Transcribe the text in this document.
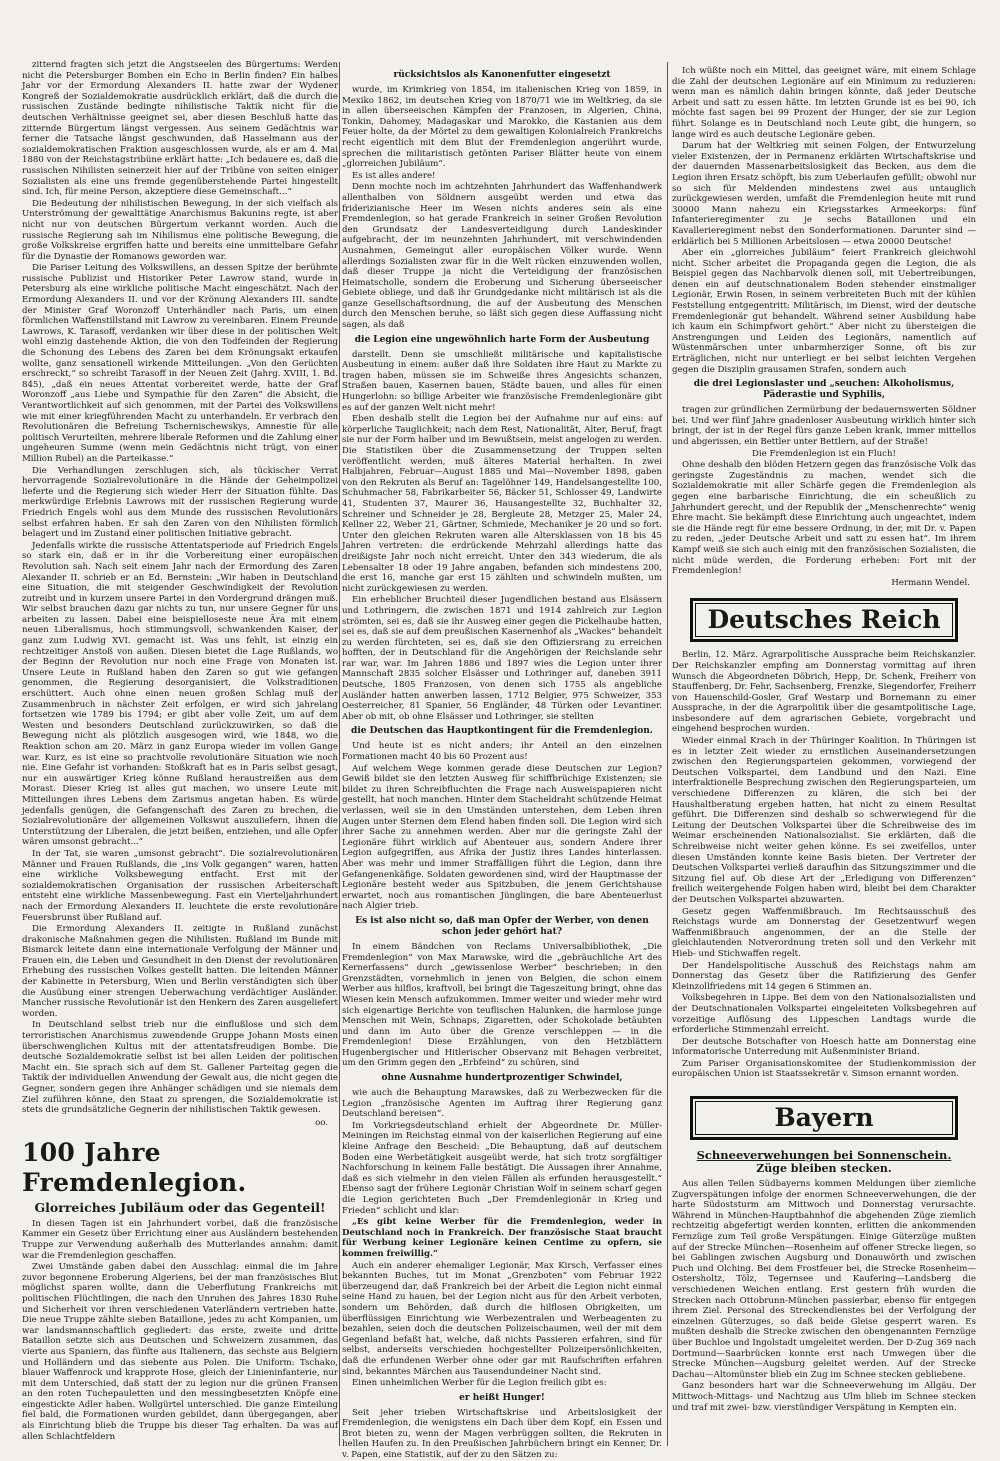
zitternd fragten sich jetzt die Angstseelen des Bürgertums: Werden nicht die Petersburger Bomben ein Echo in Berlin finden? Ein halbes Jahr vor der Ermordung Alexanders II. hatte zwar der Wydener Kongreß der Sozialdemokratie ausdrücklich erklärt, daß die durch die russischen Zustände bedingte nihilistische Taktik nicht für die deutschen Verhältnisse geeignet sei, aber diesen Beschluß hatte das zitternde Bürgertum längst vergessen. Aus seinem Gedächtnis war ferner die Tatsache längst geschwunden, daß Hasselmann aus der sozialdemokratischen Fraktion ausgeschlossen wurde, als er am 4. Mai 1880 von der Reichstagstribüne erklärt hatte: „Ich bedauere es, daß die russischen Nihilisten seinerzeit hier auf der Tribüne von seiten einiger Sozialisten als eine uns fremde gegenüberstehende Partei hingestellt sind. Ich, für meine Person, akzeptiere diese Gemeinschaft...“

Die Bedeutung der nihilistischen Bewegung, in der sich vielfach als Unterströmung der gewalttätige Anarchismus Bakunins regte, ist aber nicht nur von deutschen Bürgertum verkannt worden. Auch die russische Regierung sah im Nihilismus eine politische Bewegung, die große Volkskreise ergriffen hatte und bereits eine unmittelbare Gefahr für die Dynastie der Romanows geworden war.

Die Pariser Leitung des Volkswillens, an dessen Spitze der berühmte russische Publizist und Historiker Peter Lawrow stand, wurde in Petersburg als eine wirkliche politische Macht eingeschätzt. Nach der Ermordung Alexanders II. und vor der Krönung Alexanders III. sandte der Minister Graf Woronzoff Unterhändler nach Paris, um einen förmlichen Waffenstillstand mit Lawrow zu vereinbaren. Einem Freunde Lawrows, K. Tarasoff, verdanken wir über diese in der politischen Welt wohl einzig dastehende Aktion, die von den Todfeinden der Regierung die Schonung des Lebens des Zaren bei dem Krönungsakt erkaufen wollte, ganz sensationell wirkende Mitteilungen. „Von den Gerüchten erschreckt,“ so schreibt Tarasoff in der Neuen Zeit (Jahrg. XVIII, 1. Bd. 845), „daß ein neues Attentat vorbereitet werde, hatte der Graf Woronzoff „aus Liebe und Sympathie für den Zaren“ die Absicht, die Verantwortlichkeit auf sich genommen, mit der Partei des Volkswillens wie mit einer kriegführenden Macht zu unterhandeln. Er verbrach den Revolutionären die Befreiung Tschernischewskys, Amnestie für alle politisch Verurteilten, mehrere liberale Reformen und die Zahlung einer ungeheuren Summe (wenn mein Gedächtnis nicht trügt, von einer Million Rubel) an die Parteikasse.“

Die Verhandlungen zerschlugen sich, als tückischer Verrat hervorragende Sozialrevolutionäre in die Hände der Geheimpolizei lieferte und die Regierung sich wieder Herr der Situation fühlte. Das merkwürdige Erlebnis Lawrows mit der russischen Regierung wurde Friedrich Engels wohl aus dem Munde des russischen Revolutionärs selbst erfahren haben. Er sah den Zaren von den Nihilisten förmlich belagert und im Zustand einer politischen Initiative gebracht.

Jedenfalls wirkte die russische Attentatsperiode auf Friedrich Engels so stark ein, daß er in ihr die Vorbereitung einer europäischen Revolution sah. Nach seit einem Jahr nach der Ermordung des Zaren Alexander II. schrieb er an Ed. Bernstein: „Wir haben in Deutschland eine Situation, die mit steigender Geschwindigkeit der Revolution zutreibt und in kurzem unsere Partei in den Vordergrund drängen muß. Wir selbst brauchen dazu gar nichts zu tun, nur unsere Gegner für uns arbeiten zu lassen. Dabei eine beispielloseste neue Ära mit einem neuen Liberalismus, hoch stimmungsvoll, schwankenden Kaiser, der ganz zum Ludwig XVI. gemacht ist. Was uns fehlt, ist einzig ein rechtzeitiger Anstoß von außen. Diesen bietet die Lage Rußlands, wo der Beginn der Revolution nur noch eine Frage von Monaten ist. Unsere Leute in Rußland haben den Zaren so gut wie gefangen genommen, die Regierung desorganisiert, die Volkstraditionen erschüttert. Auch ohne einen neuen großen Schlag muß der Zusammenbruch in nächster Zeit erfolgen, er wird sich jahrelang fortsetzen wie 1789 bis 1794; er gibt aber volle Zeit, um auf dem Westen und besonders Deutschland zurückzuwirken, so daß die Bewegung nicht als plötzlich ausgesogen wird, wie 1848, wo die Reaktion schon am 20. März in ganz Europa wieder im vollen Gange war. Kurz, es ist eine so prachtvolle revolutionäre Situation wie noch nie. Eine Gefahr ist vorhanden: Stoßkraft hat es in Paris selbst gesagt, nur ein auswärtiger Krieg könne Rußland heraustreißen aus dem Morast. Dieser Krieg ist alles gut machen, wo unsere Leute mit Mitteilungen ihres Lebens dem Zarismus angetan haben. Es würde jedenfalls genügen, die Gefangenschaft des Zaren zu brechen, die Sozialrevolutionäre der allgemeinen Volkswut auszuliefern, ihnen die Unterstützung der Liberalen, die jetzt beißen, entziehen, und alle Opfer wären umsonst gebracht...“

In der Tat, sie waren „umsonst gebracht“. Die sozialrevolutionären Männer und Frauen Rußlands, die „ins Volk gegangen“ waren, hatten eine wirkliche Volksbewegung entfacht. Erst mit der sozialdemokratischen Organisation der russischen Arbeiterschaft entsteht eine wirkliche Massenbewegung. Fast ein Vierteljahrhundert nach der Ermordung Alexanders II. leuchtete die erste revolutionäre Feuersbrunst über Rußland auf.

Die Ermordung Alexanders II. zeitigte in Rußland zunächst drakonische Maßnahmen gegen die Nihilisten. Rußland im Bunde mit Bismarck leitete dann eine internationale Verfolgung der Männer und Frauen ein, die Leben und Gesundheit in den Dienst der revolutionären Erhebung des russischen Volkes gestellt hatten. Die leitenden Männer der Kabinette in Petersburg, Wien und Berlin verständigten sich über die Ausübung einer strengen Ueberwachung verdächtiger Ausländer. Mancher russische Revolutionär ist den Henkern des Zaren ausgeliefert worden.

In Deutschland selbst trieb nur die einflußlose und sich dem terroristischen Anarchismus zuwendende Gruppe Johann Mosts einen überschwenglichen Kultus mit der attentatsfreudigen Bombe. Die deutsche Sozialdemokratie selbst ist bei allen Leiden der politischen Macht ein. Sie sprach sich auf dem St. Gallener Parteitag gegen die Taktik der individuellen Anwendung der Gewalt aus, die nicht gegen die Gegner, sondern gegen ihre Anhänger schädigen und sie niemals dem Ziel zuführen könne, den Staat zu sprengen, die Sozialdemokratie ist stets die grundsätzliche Gegnerin der nihilistischen Taktik gewesen.

oo.
100 Jahre Fremdenlegion.
Glorreiches Jubiläum oder das Gegenteil!

In diesen Tagen ist ein Jahrhundert vorbei, daß die französische Kammer ein Gesetz über Errichtung einer aus Ausländern bestehenden Truppe zur Verwendung außerhalb des Mutterlandes annahm: damit war die Fremdenlegion geschaffen.

Zwei Umstände gaben dabei den Ausschlag: einmal die im Jahre zuvor begonnene Eroberung Algeriens, bei der man französisches Blut möglichst sparen wollte, dann die Ueberflutung Frankreichs mit politischen Flüchtlingen, die nach den Unruhen des Jahres 1830 Ruhe und Sicherheit vor ihren verschiedenen Vaterländern vertrieben hatte. Die neue Truppe zählte sieben Bataillone, jedes zu acht Kompanien, um war landsmannschaftlich gegliedert: das erste, zweite und dritte Bataillon setzte sich aus Deutschen und Schweizern zusammen, das vierte aus Spaniern, das fünfte aus Italienern, das sechste aus Belgiern und Holländern und das siebente aus Polen. Die Uniform: Tschako, blauer Waffenrock und krapprote Hose, gleich der Linieninfanterie, nur mit dem Unterschied, daß statt der zu legion nur die grünen Fransen an den roten Tuchepauletten und den messingbesetzten Knöpfe eine eingestickte Adler haben. Wollgürtel unterschied. Die ganze Einteilung fiel bald, die Formationen wurden gebildet, dann übergegangen, aber als Einrichtung blieb die Truppe bis dieser Tag erhalten. Da was auf allen Schlachtfeldern

rücksichtslos als Kanonenfutter eingesetzt

wurde, im Krimkrieg von 1854, im italienischen Krieg von 1859, in Mexiko 1862, im deutschen Krieg von 1870/71 wie im Weltkrieg, da sie in allen überseeischen Kämpfen der Franzosen, in Algerien, China, Tonkin, Dahomey, Madagaskar und Marokko, die Kastanien aus dem Feuer holte, da der Mörtel zu dem gewaltigen Kolonialreich Frankreichs recht eigentlich mit dem Blut der Fremdenlegion angerührt wurde, sprechen die militaristisch getönten Pariser Blätter heute von einem „glorreichen Jubiläum“.

Es ist alles andere!

Denn mochte noch im achtzehnten Jahrhundert das Waffenhandwerk allenthalben von Söldnern ausgeübt werden und etwa das friderizianische Heer im Wesen nichts anderes sein als eine Fremdenlegion, so hat gerade Frankreich in seiner Großen Revolution den Grundsatz der Landesverteidigung durch Landeskinder aufgebracht, der im neunzehnten Jahrhundert, mit verschwindenden Ausnahmen, Gemeingut aller europäischen Völker wurde. Wenn allerdings Sozialisten zwar für in die Welt rücken einzuwenden wollen, daß dieser Truppe ja nicht die Verteidigung der französischen Heimatscholle, sondern die Eroberung und Sicherung überseeischer Gebiete obliege, und daß ihr Grundgedanke nicht militärisch ist als die ganze Gesellschaftsordnung, die auf der Ausbeutung des Menschen durch den Menschen beruhe, so läßt sich gegen diese Auffassung nicht sagen, als daß

die Legion eine ungewöhnlich harte Form der Ausbeutung

darstellt. Denn sie umschließt militärische und kapitalistische Ausbeutung in einem: außer daß ihre Soldaten ihre Haut zu Markte zu tragen haben, müssen sie im Schweiße ihres Angesichts schanzen, Straßen bauen, Kasernen bauen, Städte bauen, und alles für einen Hungerlohn: so billige Arbeiter wie französische Fremdenlegionäre gibt es auf der ganzen Welt nicht mehr!

Eben deshalb stellt die Legion bei der Aufnahme nur auf eins: auf körperliche Tauglichkeit; nach dem Rest, Nationalität, Alter, Beruf, fragt sie nur der Form halber und im Bewußtsein, meist angelogen zu werden. Die Statistiken über die Zusammensetzung der Truppen selten veröffentlicht werden, muß älteres Material herhalten. In zwei Halbjahren, Februar—August 1885 und Mai—November 1898, gaben von den Rekruten als Beruf an: Tagelöhner 149, Handelsangestellte 100, Schuhmacher 58, Fabrikarbeiter 56, Bäcker 51, Schlosser 49, Landwirte 41, Studenten 37, Maurer 36, Hausangestellte 32, Buchhalter 32, Schreiner und Schneider je 28, Bergleute 28, Metzger 25, Maler 24, Kellner 22, Weber 21, Gärtner, Schmiede, Mechaniker je 20 und so fort. Unter den gleichen Rekruten waren alle Altersklassen von 18 bis 45 Jahren vertreten: die erdrückende Mehrzahl allerdings hatte das dreißigste Jahr noch nicht erreicht. Unter den 343 wiederum, die als Lebensalter 18 oder 19 Jahre angaben, befanden sich mindestens 200, die erst 16, manche gar erst 15 zählten und schwindeln mußten, um nicht zurückgewiesen zu werden.

Ein erheblicher Bruchteil dieser Jugendlichen bestand aus Elsässern und Lothringern, die zwischen 1871 und 1914 zahlreich zur Legion strömten, sei es, daß sie ihr Ausweg einer gegen die Pickelhaube hatten, sei es, daß sie auf dem preußischen Kasernenhof als „Wackes“ behandelt zu werden fürchteten, sei es, daß sie den Offiziersrang zu erreichen hofften, der in Deutschland für die Angehörigen der Reichslande sehr rar war, war. Im Jahren 1886 und 1897 wies die Legion unter ihrer Mannschaft 2835 solcher Elsässer und Lothringer auf, daneben 3911 Deutsche, 1805 Franzosen, von denen sich 1755 als angebliche Ausländer hatten anwerben lassen, 1712 Belgier, 975 Schweizer, 353 Oesterreicher, 81 Spanier, 56 Engländer, 48 Türken oder Levantiner. Aber ob mit, ob ohne Elsässer und Lothringer, sie stellten

die Deutschen das Hauptkontingent für die Fremdenlegion.

Und heute ist es nicht anders; ihr Anteil an den einzelnen Formationen macht 40 bis 60 Prozent aus!

Auf welchem Wege kommen gerade diese Deutschen zur Legion? Gewiß bildet sie den letzten Ausweg für schiffbrüchige Existenzen; sie bildet zu ihren Schreibfluchten die Frage nach Ausweispapieren nicht gestellt, hat noch manchen. Hinter dem Stacheldraht schützende Heimat verlassen, weil sie in den Umständen unterstehen, dem Leben ihren Augen unter Sternen dem Elend haben finden soll. Die Legion wird sich ihrer Sache zu annehmen werden. Aber nur die geringste Zahl der Legionäre führt wirklich auf Abenteuer aus, sondern Andere ihrer Legion aufgegriffen, aus Afrika der Justiz ihres Landes hinterlassen. Aber was mehr und immer Straffälligen führt die Legion, dann ihre Gefangenenkäfige. Soldaten gewordenen sind, wird der Hauptmasse der Legionäre besteht weder aus Spitzbuben, die jenem Gerichtshause erwartet, noch aus romantischen Jünglingen, die bare Abenteuerlust nach Algier trieb.

Es ist also nicht so, daß man Opfer der Werber, von denen schon jeder gehört hat?

In einem Bändchen von Reclams Universalbibliothek, „Die Fremdenlegion“ von Max Marawske, wird die „gebräuchliche Art des Kernerfassens“ durch „gewissenlose Werber“ beschrieben; in den Grenzstädten, vornehmlich in jenen von Belgien, die schon einem Werber aus hilflos, kraftvoll, bei bringt die Tageszeitung bringt, ohne das Wiesen kein Mensch aufzukommen. Immer weiter und wieder mehr wird sich eigenartige Berichte von teuflischen Halunken, die harmlose junge Menschen mit Wein, Schnaps, Zigaretten, oder Schokolade betäubten und dann im Auto über die Grenze verschleppen — in die Fremdenlegion! Diese Erzählungen, von den Hetzblättern Hugenbergischer und Hitlerischer Observanz mit Behagen verbreitet, um den Grimm gegen den „Erbfeind“ zu schüren, sind

ohne Ausnahme hundertprozentiger Schwindel,

wie auch die Behauptung Marawskes, daß zu Werbezwecken für die Legion „französische Agenten im Auftrag ihrer Regierung ganz Deutschland bereisen“.

Im Vorkriegsdeutschland erhielt der Abgeordnete Dr. Müller-Meiningen im Reichstag einmal von der kaiserlichen Regierung auf eine kleine Anfrage den Bescheid: „Die Behauptung, daß auf deutschem Boden eine Werbetätigkeit ausgeübt werde, hat sich trotz sorgfältiger Nachforschung in keinem Falle bestätigt. Die Aussagen ihrer Annahme, daß es sich vielmehr in den vielen Fällen als erfunden herausgestellt.“ Ebenso sagt der frühere Legionär Christian Wolf in seinem scharf gegen die Legion gerichteten Buch „Der Fremdenlegionär in Krieg und Frieden“ schlicht und klar:

„Es gibt keine Werber für die Fremdenlegion, weder in Deutschland noch in Frankreich. Der französische Staat braucht für Werbung keiner Legionäre keinen Centime zu opfern, sie kommen freiwillig.“

Auch ein anderer ehemaliger Legionär, Max Kirsch, Verfasser eines bekannten Buches, tut im Monat „Grenzboten“ vom Februar 1922 überzeugend dar, daß Frankreich bei der Arbeit die Legion nicht einmal seine Hand zu hauen, bei der Legion nicht aus für den Arbeit verboten, sondern um Behörden, daß durch die hilflosen Obrigkeiten, um überflüssigen Einrichtung wie Werbezentralen und Werbeagenten zu bezahlen, seien doch die deutschen Polizeischaumen, weil der mit dem Gegenland befaßt hat, welche, daß nichts Passieren erfahren, sind für selbst, anderseits verschieden hochgestellter Polizeipersönlichkeiten, daß die erfundenen Werber ohne oder gar mit Raufschriften erfahren sind, bekanntes Märchen aus Tausendundeiner Nacht sind.

Einen unheimlichen Werber für die Legion freilich gibt es:

er heißt Hunger!

Seit jeher trieben Wirtschaftskrise und Arbeitslosigkeit der Fremdenlegion, die wenigstens ein Dach über dem Kopf, ein Essen und Brot bieten zu, wenn der Magen verbrüggen sollten, die Rekruten in hellen Haufen zu. In den Preußischen Jahrbüchern bringt ein Kenner, Dr. v. Papen, eine Statistik, auf der zu den Sätzen zu:

Ich wüßte noch ein Mittel, das geeignet wäre, mit einem Schlage die Zahl der deutschen Legionäre auf ein Minimum zu reduzieren: wenn man es nämlich dahin bringen könnte, daß jeder Deutsche Arbeit und satt zu essen hätte. Im letzten Grunde ist es bei 90, ich möchte fast sagen bei 99 Prozent der Hunger, der sie zur Legion führt. Solange es in Deutschland noch Leute gibt, die hungern, so lange wird es auch deutsche Legionäre geben.

Darum hat der Weltkrieg mit seinen Folgen, der Entwurzelung vieler Existenzen, der in Permanenz erklärten Wirtschaftskrise und der dauernden Massenarbeitslosigkeit das Becken, aus dem die Legion ihren Ersatz schöpft, bis zum Ueberlaufen gefüllt; obwohl nur so sich für Meldenden mindestens zwei aus untauglich zurückgewiesen werden, umfaßt die Fremdenlegion heute mit rund 30000 Mann nahezu ein Kriegsstarkes Armeekorps: fünf Infanterieregimenter zu je sechs Bataillonen und ein Kavallerieregiment nebst den Sonderformationen. Darunter sind — erklärlich bei 5 Millionen Arbeitslosen — etwa 20000 Deutsche!

Aber ein „glorreiches Jubiläum“ feiert Frankreich gleichwohl nicht. Sicher arbeitet die Propaganda gegen die Legion, die als Beispiel gegen das Nachbarvolk dienen soll, mit Uebertreibungen, denen ein auf deutschnationalem Boden stehender einstmaliger Legionär, Erwin Rosen, in seinem verbreiteten Buch mit der kühlen Feststellung entgegentritt: Militärisch, im Dienst, wird der deutsche Fremdenlegionär gut behandelt. Während seiner Ausbildung habe ich kaum ein Schimpfwort gehört.“ Aber nicht zu übersteigen die Anstrengungen und Leiden des Legionärs, namentlich auf Wüstenmärschen unter unbarmherziger Sonne, oft bis zur Erträglichen, nicht nur unterliegt er bei selbst leichten Vergehen gegen die Disziplin grausamen Strafen, sondern auch

die drei Legionslaster und „seuchen: Alkoholismus, Päderastie und Syphilis,

tragen zur gründlichen Zermürbung der bedauernswerten Söldner bei. Und wer fünf Jahre gnadenloser Ausbeutung wirklich hinter sich bringt, der ist in der Regel fürs ganze Leben krank, immer mittellos und abgerissen, ein Bettler unter Bettlern, auf der Straße!

Die Fremdenlegion ist ein Fluch!

Ohne deshalb den blöden Hetzern gegen das französische Volk das geringste Zugeständnis zu machen, wendet sich die Sozialdemokratie mit aller Schärfe gegen die Fremdenlegion als gegen eine barbarische Einrichtung, die ein scheußlich zu Jahrhundert gerecht, und der Republik der „Menschenrechte“ wenig Ehre macht. Sie bekämpft diese Einrichtung auch ungeachtet, indem sie die Hände regt für eine bessere Ordnung, in der, mit Dr. v. Papen zu reden, „jeder Deutsche Arbeit und satt zu essen hat“. Im ihrem Kampf weiß sie sich auch einig mit den französischen Sozialisten, die nicht müde werden, die Forderung erheben: Fort mit der Fremdenlegion!

Hermann Wendel.
Deutsches Reich

Berlin, 12. März. Agrarpolitische Aussprache beim Reichskanzler. Der Reichskanzler empfing am Donnerstag vormittag auf ihren Wunsch die Abgeordneten Döbrich, Hepp, Dr. Schenk, Freiherr von Stauffenberg, Dr. Fehr, Sachsenberg, Frenzke, Siegendorfer, Freiherr von Hauenschild-Gosler, Graf Westarp und Bornemann zu einer Aussprache, in der die Agrarpolitik über die gesamtpolitische Lage, insbesondere auf dem agrarischen Gebiete, vorgebracht und eingehend besprochen wurden.

Wieder einmal Krach in der Thüringer Koalition. In Thüringen ist es in letzter Zeit wieder zu ernstlichen Auseinandersetzungen zwischen den Regierungsparteien gekommen, vorwiegend der Deutschen Volkspartei, dem Landbund und den Nazi. Eine interfraktionelle Besprechung zwischen den Regierungsparteien, um verschiedene Differenzen zu klären, die sich bei der Haushaltberatung ergeben hatten, hat nicht zu einem Resultat geführt. Die Differenzen sind deshalb so schwerwiegend für die Leitung der Deutschen Volkspartei über die Schreibweise des im Weimar erscheinenden Nationalsozialist. Sie erklärten, daß die Schreibweise nicht weiter gehen könne. Es sei zweifellos, unter diesen Umständen konnte keine Basis bieten. Der Vertreter der Deutschen Volkspartei verließ daraufhin das Sitzungszimmer und die Sitzung fiel auf. Ob diese Art der „Erledigung von Differenzen“ freilich weitergehende Folgen haben wird, bleibt bei dem Charakter der Deutschen Volkspartei abzuwarten.

Gesetz gegen Waffenmißbrauch. Im Rechtsausschuß des Reichstags wurde am Donnerstag der Gesetzentwurf wegen Waffenmißbrauch angenommen, der an die Stelle der gleichlautenden Notverordnung treten soll und den Verkehr mit Hieb- und Stichwaffen regelt.

Der Handelspolitische Ausschuß des Reichstags nahm am Donnerstag das Gesetz über die Ratifizierung des Genfer Kleinzollfriedens mit 14 gegen 6 Stimmen an.

Volksbegehren in Lippe. Bei dem von den Nationalsozialisten und der Deutschnationalen Volkspartei eingeleiteten Volksbegehren auf vorzeitige Auflösung des Lippeschen Landtags wurde die erforderliche Stimmenzahl erreicht.

Der deutsche Botschafter von Hoesch hatte am Donnerstag eine informatorische Unterredung mit Außenminister Briand.

Zum Pariser Organisationskomitee der Studienkommission der europäischen Union ist Staatssekretär v. Simson ernannt worden.

Bayern
Schneeverwehungen bei Sonnenschein.
Züge bleiben stecken.

Aus allen Teilen Südbayerns kommen Meldungen über ziemliche Zugverspätungen infolge der enormen Schneeverwehungen, die der harte Südoststurm am Mittwoch und Donnerstag verursachte. Während in München-Hauptbahnhof die abgehenden Züge ziemlich rechtzeitig abgefertigt werden konnten, erlitten die ankommenden Fernzüge zum Teil große Verspätungen. Einige Güterzüge mußten auf der Strecke München—Rosenheim auf offener Strecke liegen, so bei Gablingen zwischen Augsburg und Donauwörth und zwischen Puch und Olching. Bei dem Frostfeuer bei, die Strecke Rosenheim—Ostersholtz, Tölz, Tegernsee und Kaufering—Landsberg die verschiedenen Weichen entlang. Erst gestern früh wurden die Strecken nach Ottobrunn-München passierbar, ebenso für entgegen ihrem Ziel. Personal des Streckendienstes bei der Verfolgung der einzelnen Güterzuges, so daß beide Gleise gesperrt waren. Es mußten deshalb die Strecke zwischen den obengenannten Fernzüge über Buchloe und Ingolstadt umgeleitet werden. Der D-Zug 369 nach Dortmund—Saarbrücken konnte erst nach Umwegen über die Strecke München—Augsburg geleitet werden. Auf der Strecke Dachau—Altomünster blieb ein Zug im Schnee stecken gebliebene.

Ganz besonders hart war die Schneeverwehung im Allgäu. Der Mittwoch-Mittags- und Nachtzug aus Ulm blieb im Schnee stecken und traf mit zwei- bzw. vierstündiger Verspätung in Kempten ein.
